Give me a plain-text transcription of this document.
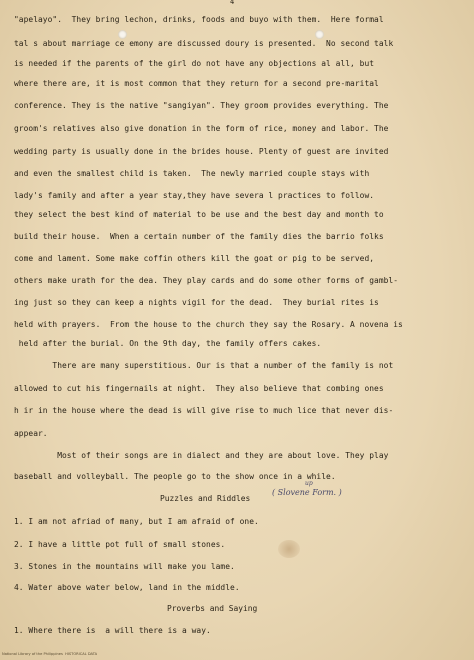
4
"apelayo".  They bring lechon, drinks, foods and buyo with them.  Here formal
tal s about marriage ce emony are discussed doury is presented.  No second talk
is needed if the parents of the girl do not have any objections al all, but
where there are, it is most common that they return for a second pre-marital
conference. They is the native "sangiyan". They groom provides everything. The
groom's relatives also give donation in the form of rice, money and labor. The
wedding party is usually done in the brides house. Plenty of guest are invited
and even the smallest child is taken.  The newly married couple stays with
lady's family and after a year stay,they have severa l practices to follow.
they select the best kind of material to be use and the best day and month to
build their house.  When a certain number of the family dies the barrio folks
come and lament. Some make coffin others kill the goat or pig to be served,
others make urath for the dea. They play cards and do some other forms of gambl-
ing just so they can keep a nights vigil for the dead.  They burial rites is
held with prayers.  From the house to the church they say the Rosary. A novena is
held after the burial. On the 9th day, the family offers cakes.
There are many superstitious. Our is that a number of the family is not
allowed to cut his fingernails at night.  They also believe that combing ones
h ir in the house where the dead is will give rise to much lice that never dis-
appear.
Most of their songs are in dialect and they are about love. They play
baseball and volleyball. The people go to the show once in a while.
Puzzles and Riddles
up
( Slovene Form. )
1. I am not afriad of many, but I am afraid of one.
2. I have a little pot full of small stones.
3. Stones in the mountains will make you lame.
4. Water above water below, land in the middle.
Proverbs and Saying
1. Where there is  a will there is a way.
National Library of the Philippines  HISTORICAL DATA
